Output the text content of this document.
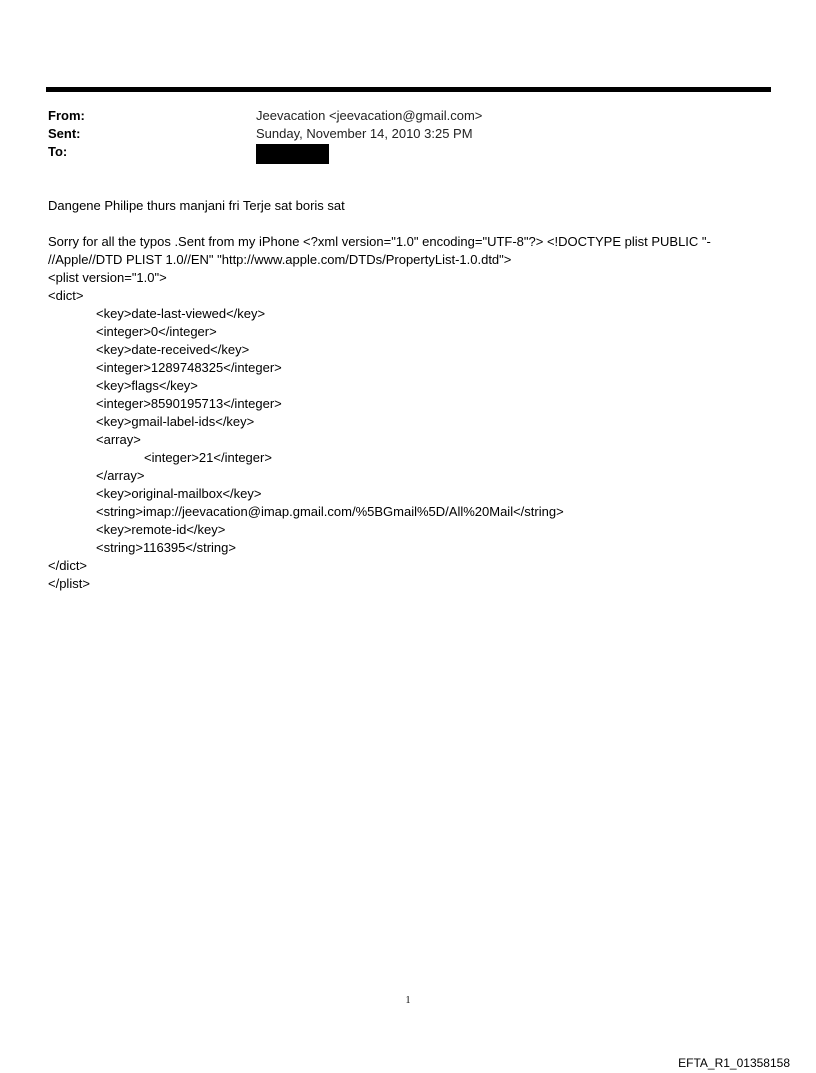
From:	Jeevacation <jeevacation@gmail.com>
Sent:	Sunday, November 14, 2010 3:25 PM
To:

Dangene Philipe thurs manjani fri Terje sat boris sat

Sorry for all the typos .Sent from my iPhone <?xml version="1.0" encoding="UTF-8"?> <!DOCTYPE plist PUBLIC "-

//Apple//DTD PLIST 1.0//EN" "http://www.apple.com/DTDs/PropertyList-1.0.dtd">

<plist version="1.0">

<dict>

<key>date-last-viewed</key>

<integer>0</integer>

<key>date-received</key>

<integer>1289748325</integer>

<key>flags</key>

<integer>8590195713</integer>

<key>gmail-label-ids</key>

<array>

<integer>21</integer>

</array>

<key>original-mailbox</key>

<string>imap://jeevacation@imap.gmail.com/%5BGmail%5D/All%20Mail</string>

<key>remote-id</key>

<string>116395</string>

</dict>

</plist>

1
EFTA_R1_01358158
